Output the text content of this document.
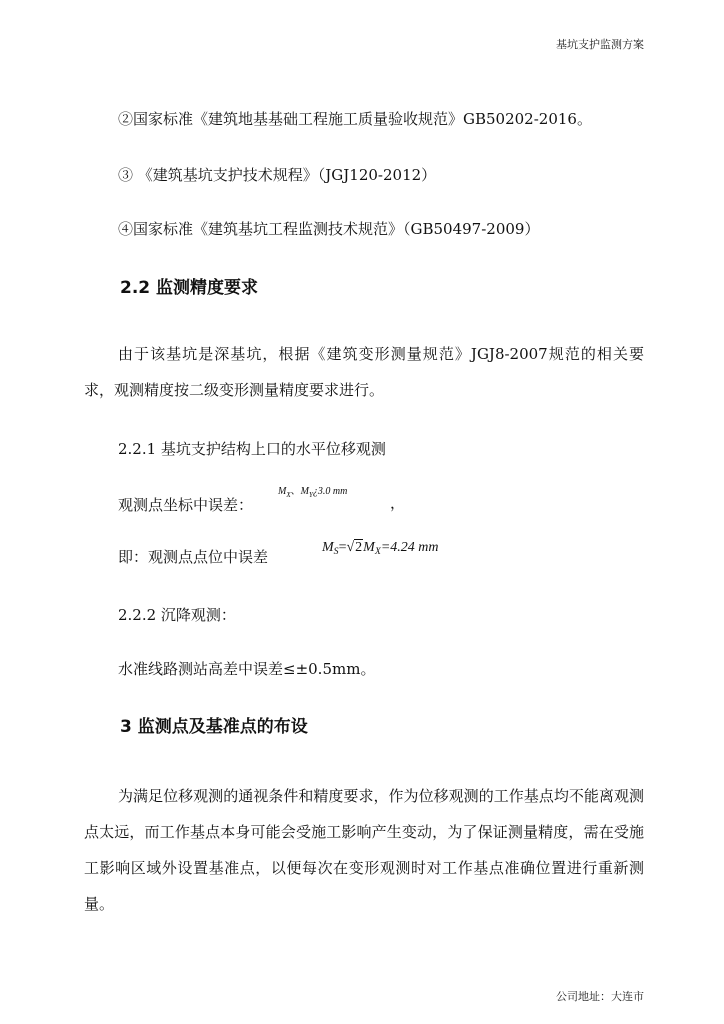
基坑支护监测方案
②国家标准《建筑地基基础工程施工质量验收规范》GB50202-2016。
③ 《建筑基坑支护技术规程》（JGJ120-2012）
④国家标准《建筑基坑工程监测技术规范》（GB50497-2009）
2.2 监测精度要求
由于该基坑是深基坑，根据《建筑变形测量规范》JGJ8-2007规范的相关要求，观测精度按二级变形测量精度要求进行。
2.2.1 基坑支护结构上口的水平位移观测
观测点坐标中误差：
$M_X$、$M_Y¿3.0$ mm
，
即：观测点点位中误差
$M_S=√2M_X=4.24$ mm
2.2.2 沉降观测：
水准线路测站高差中误差≤±0.5mm。
3 监测点及基准点的布设
为满足位移观测的通视条件和精度要求，作为位移观测的工作基点均不能离观测点太远，而工作基点本身可能会受施工影响产生变动，为了保证测量精度，需在受施工影响区域外设置基准点，以便每次在变形观测时对工作基点准确位置进行重新测量。
公司地址：大连市
